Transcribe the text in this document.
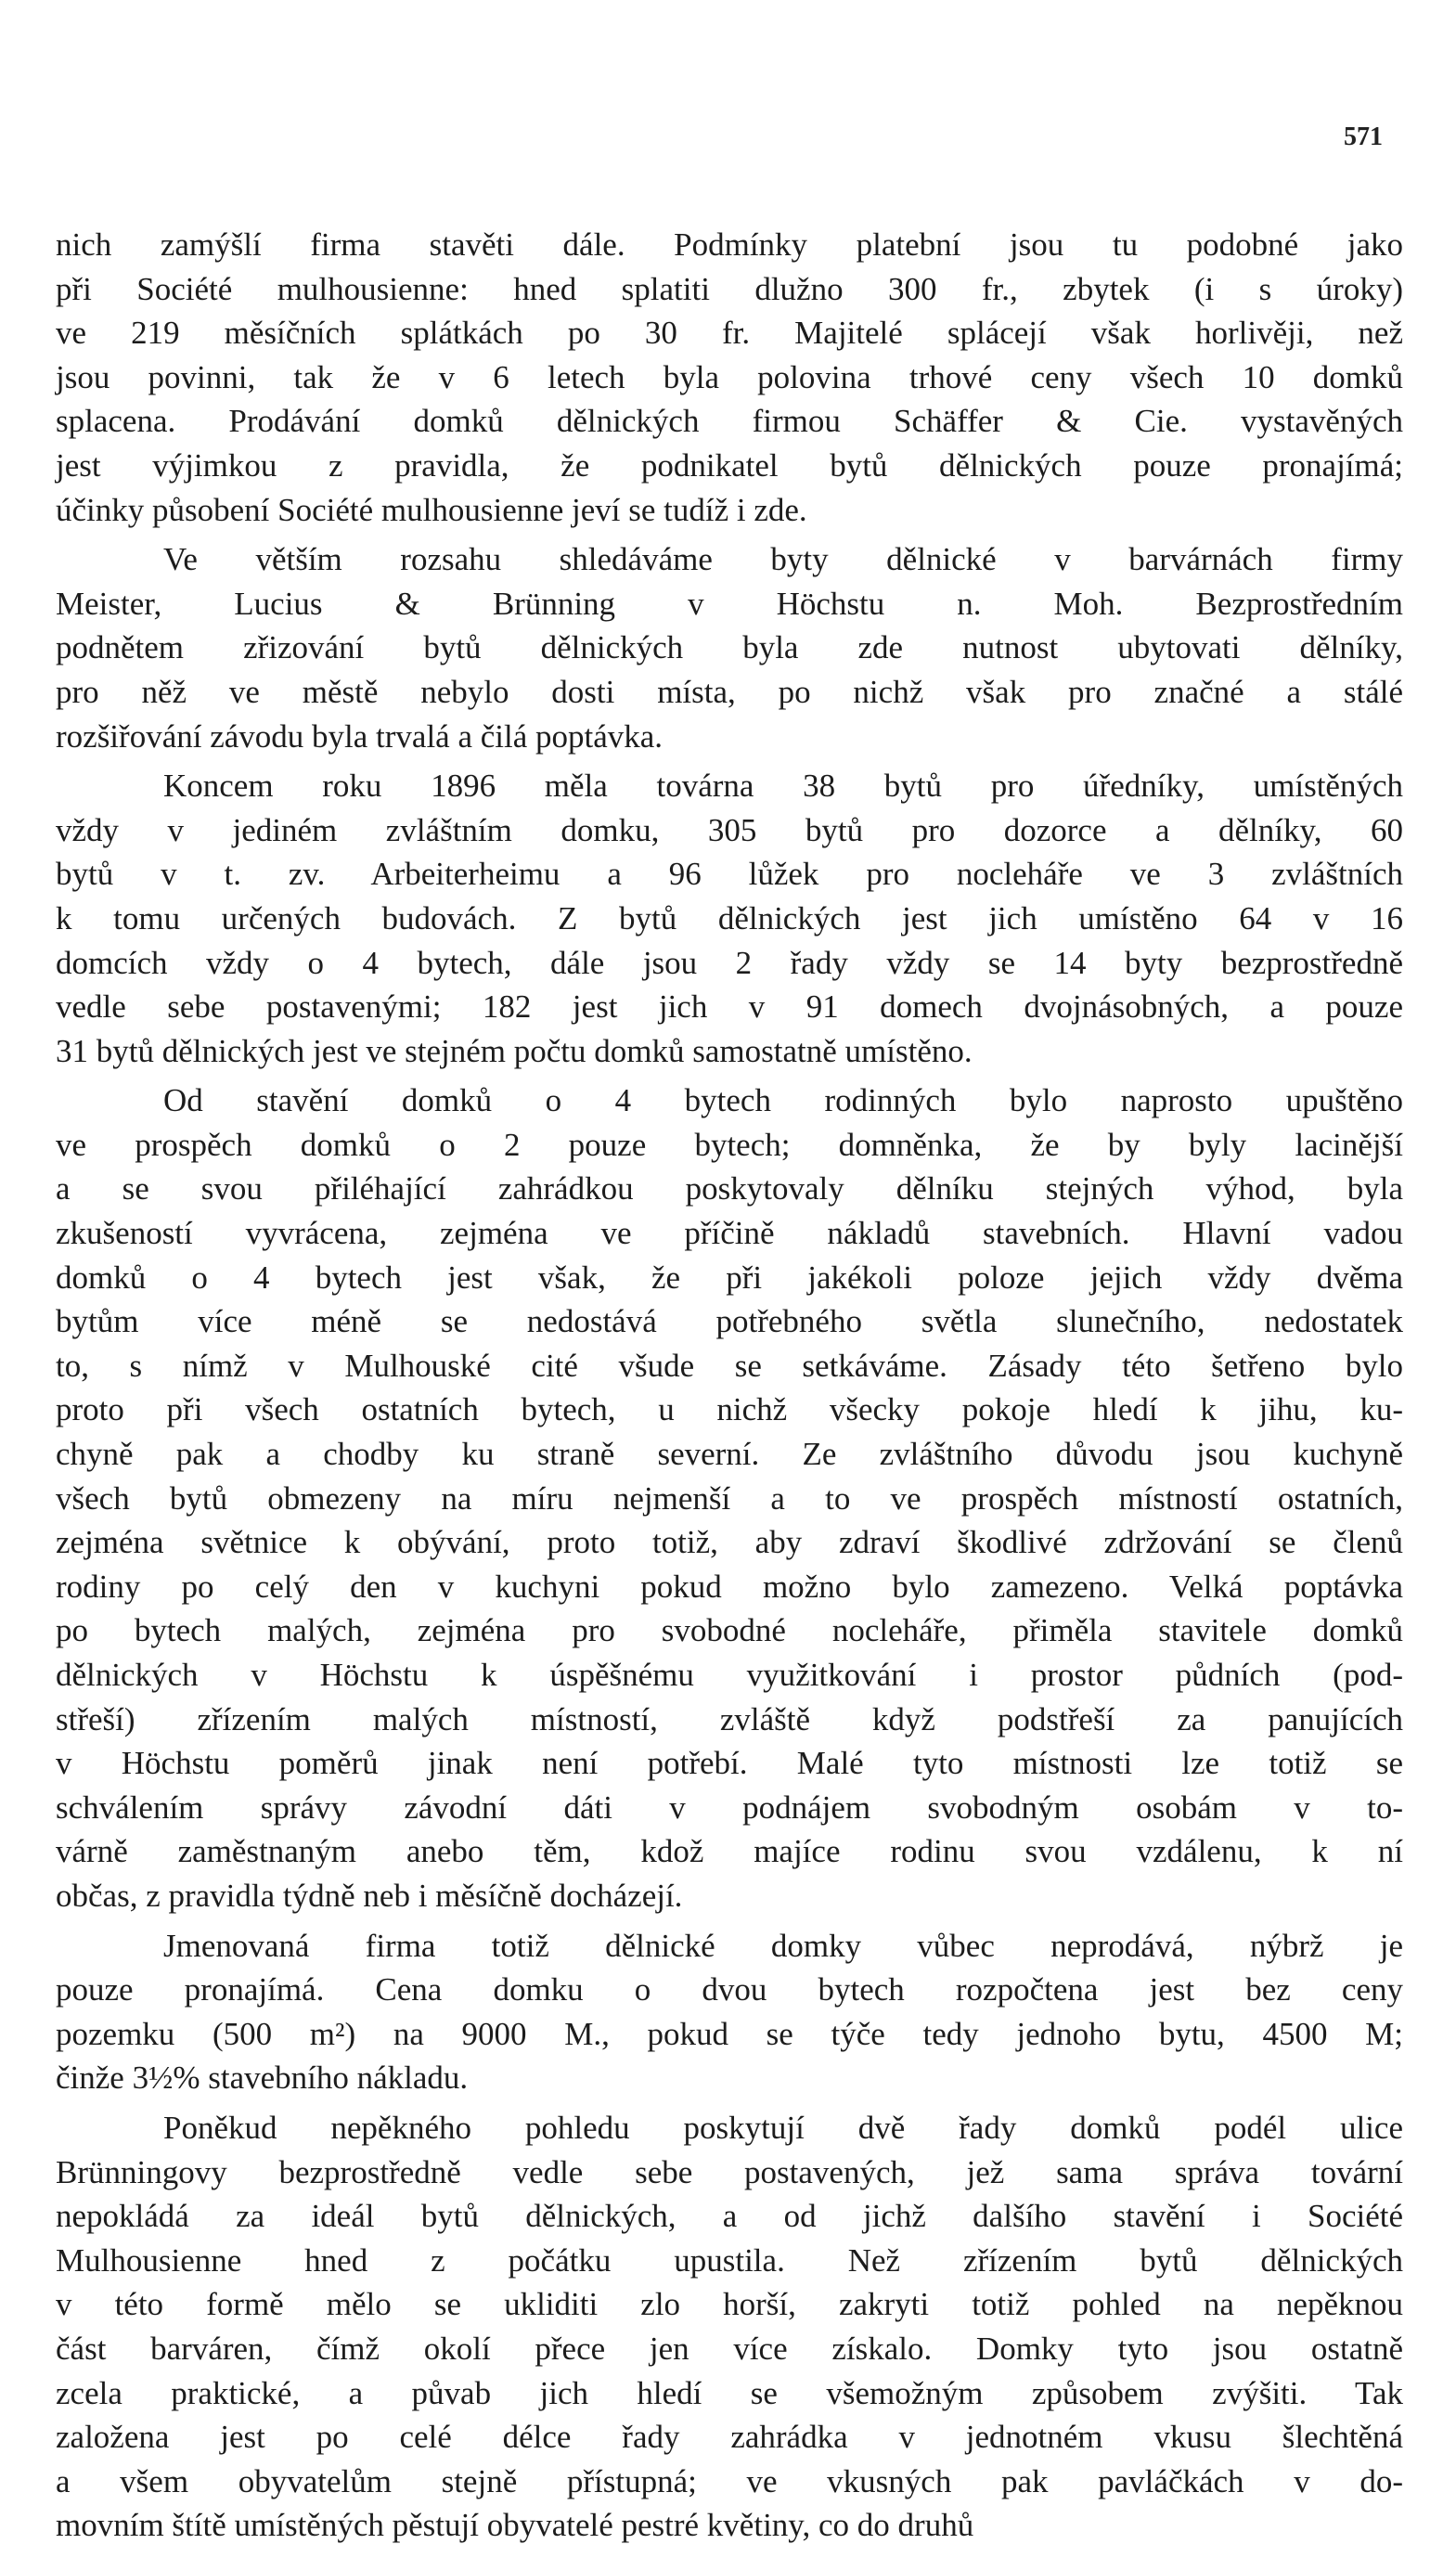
571
nich zamýšlí firma stavěti dále. Podmínky platební jsou tu podobné jako
při Société mulhousienne: hned splatiti dlužno 300 fr., zbytek (i s úroky)
ve 219 měsíčních splátkách po 30 fr. Majitelé splácejí však horlivěji, než
jsou povinni, tak že v 6 letech byla polovina trhové ceny všech 10 domků
splacena. Prodávání domků dělnických firmou Schäffer & Cie. vystavěných
jest výjimkou z pravidla, že podnikatel bytů dělnických pouze pronajímá;
účinky působení Société mulhousienne jeví se tudíž i zde.
Ve větším rozsahu shledáváme byty dělnické v barvárnách firmy
Meister, Lucius & Brünning v Höchstu n. Moh. Bezprostředním
podnětem zřizování bytů dělnických byla zde nutnost ubytovati dělníky,
pro něž ve městě nebylo dosti místa, po nichž však pro značné a stálé
rozšiřování závodu byla trvalá a čilá poptávka.
Koncem roku 1896 měla továrna 38 bytů pro úředníky, umístěných
vždy v jediném zvláštním domku, 305 bytů pro dozorce a dělníky, 60
bytů v t. zv. Arbeiterheimu a 96 lůžek pro nocleháře ve 3 zvláštních
k tomu určených budovách. Z bytů dělnických jest jich umístěno 64 v 16
domcích vždy o 4 bytech, dále jsou 2 řady vždy se 14 byty bezprostředně
vedle sebe postavenými; 182 jest jich v 91 domech dvojnásobných, a pouze
31 bytů dělnických jest ve stejném počtu domků samostatně umístěno.
Od stavění domků o 4 bytech rodinných bylo naprosto upuštěno
ve prospěch domků o 2 pouze bytech; domněnka, že by byly lacinější
a se svou přiléhající zahrádkou poskytovaly dělníku stejných výhod, byla
zkušeností vyvrácena, zejména ve příčině nákladů stavebních. Hlavní vadou
domků o 4 bytech jest však, že při jakékoli poloze jejich vždy dvěma
bytům více méně se nedostává potřebného světla slunečního, nedostatek
to, s nímž v Mulhouské cité všude se setkáváme. Zásady této šetřeno bylo
proto při všech ostatních bytech, u nichž všecky pokoje hledí k jihu, ku-
chyně pak a chodby ku straně severní. Ze zvláštního důvodu jsou kuchyně
všech bytů obmezeny na míru nejmenší a to ve prospěch místností ostatních,
zejména světnice k obývání, proto totiž, aby zdraví škodlivé zdržování se členů
rodiny po celý den v kuchyni pokud možno bylo zamezeno. Velká poptávka
po bytech malých, zejména pro svobodné nocleháře, přiměla stavitele domků
dělnických v Höchstu k úspěšnému využitkování i prostor půdních (pod-
střeší) zřízením malých místností, zvláště když podstřeší za panujících
v Höchstu poměrů jinak není potřebí. Malé tyto místnosti lze totiž se
schválením správy závodní dáti v podnájem svobodným osobám v to-
várně zaměstnaným anebo těm, kdož majíce rodinu svou vzdálenu, k ní
občas, z pravidla týdně neb i měsíčně docházejí.
Jmenovaná firma totiž dělnické domky vůbec neprodává, nýbrž je
pouze pronajímá. Cena domku o dvou bytech rozpočtena jest bez ceny
pozemku (500 m²) na 9000 M., pokud se týče tedy jednoho bytu, 4500 M;
činže 3½% stavebního nákladu.
Poněkud nepěkného pohledu poskytují dvě řady domků podél ulice
Brünningovy bezprostředně vedle sebe postavených, jež sama správa tovární
nepokládá za ideál bytů dělnických, a od jichž dalšího stavění i Société
Mulhousienne hned z počátku upustila. Než zřízením bytů dělnických
v této formě mělo se ukliditi zlo horší, zakryti totiž pohled na nepěknou
část barváren, čímž okolí přece jen více získalo. Domky tyto jsou ostatně
zcela praktické, a půvab jich hledí se všemožným způsobem zvýšiti. Tak
založena jest po celé délce řady zahrádka v jednotném vkusu šlechtěná
a všem obyvatelům stejně přístupná; ve vkusných pak pavláčkách v do-
movním štítě umístěných pěstují obyvatelé pestré květiny, co do druhů
